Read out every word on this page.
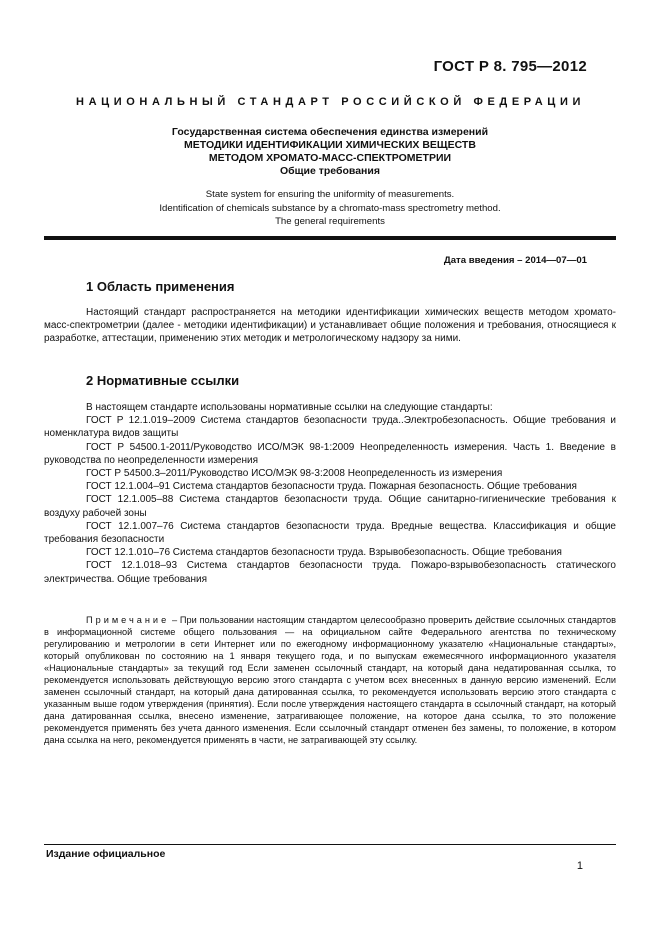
ГОСТ Р 8. 795—2012
НАЦИОНАЛЬНЫЙ СТАНДАРТ РОССИЙСКОЙ ФЕДЕРАЦИИ
Государственная система обеспечения единства измерений
МЕТОДИКИ ИДЕНТИФИКАЦИИ ХИМИЧЕСКИХ ВЕЩЕСТВ
МЕТОДОМ ХРОМАТО-МАСС-СПЕКТРОМЕТРИИ
Общие требования
State system for ensuring the uniformity of measurements.
Identification of chemicals substance by a chromato-mass spectrometry method.
The general requirements
Дата введения – 2014—07—01
1 Область применения
Настоящий стандарт распространяется на методики идентификации химических веществ методом хромато-масс-спектрометрии (далее - методики идентификации) и устанавливает общие положения и требования, относящиеся к разработке, аттестации, применению этих методик и метрологическому надзору за ними.
2 Нормативные ссылки
В настоящем стандарте использованы нормативные ссылки на следующие стандарты:
ГОСТ Р 12.1.019–2009 Система стандартов безопасности труда..Электробезопасность. Общие требования и номенклатура видов защиты
ГОСТ Р 54500.1-2011/Руководство ИСО/МЭК 98-1:2009 Неопределенность измерения. Часть 1. Введение в руководства по неопределенности измерения
ГОСТ Р 54500.3–2011/Руководство ИСО/МЭК 98-3:2008 Неопределенность из измерения
ГОСТ 12.1.004–91 Система стандартов безопасности труда. Пожарная безопасность. Общие требования
ГОСТ 12.1.005–88 Система стандартов безопасности труда. Общие санитарно-гигиенические требования к воздуху рабочей зоны
ГОСТ 12.1.007–76 Система стандартов безопасности труда. Вредные вещества. Классификация и общие требования безопасности
ГОСТ 12.1.010–76 Система стандартов безопасности труда. Взрывобезопасность. Общие требования
ГОСТ 12.1.018–93 Система стандартов безопасности труда. Пожаро-взрывобезопасность статического электричества. Общие требования
Примечание – При пользовании настоящим стандартом целесообразно проверить действие ссылочных стандартов в информационной системе общего пользования — на официальном сайте Федерального агентства по техническому регулированию и метрологии в сети Интернет или по ежегодному информационному указателю «Национальные стандарты», который опубликован по состоянию на 1 января текущего года, и по выпускам ежемесячного информационного указателя «Национальные стандарты» за текущий год Если заменен ссылочный стандарт, на который дана недатированная ссылка, то рекомендуется использовать действующую версию этого стандарта с учетом всех внесенных в данную версию изменений. Если заменен ссылочный стандарт, на который дана датированная ссылка, то рекомендуется использовать версию этого стандарта с указанным выше годом утверждения (принятия). Если после утверждения настоящего стандарта в ссылочный стандарт, на который дана датированная ссылка, внесено изменение, затрагивающее положение, на которое дана ссылка, то это положение рекомендуется применять без учета данного изменения. Если ссылочный стандарт отменен без замены, то положение, в котором дана ссылка на него, рекомендуется применять в части, не затрагивающей эту ссылку.
Издание официальное
1
